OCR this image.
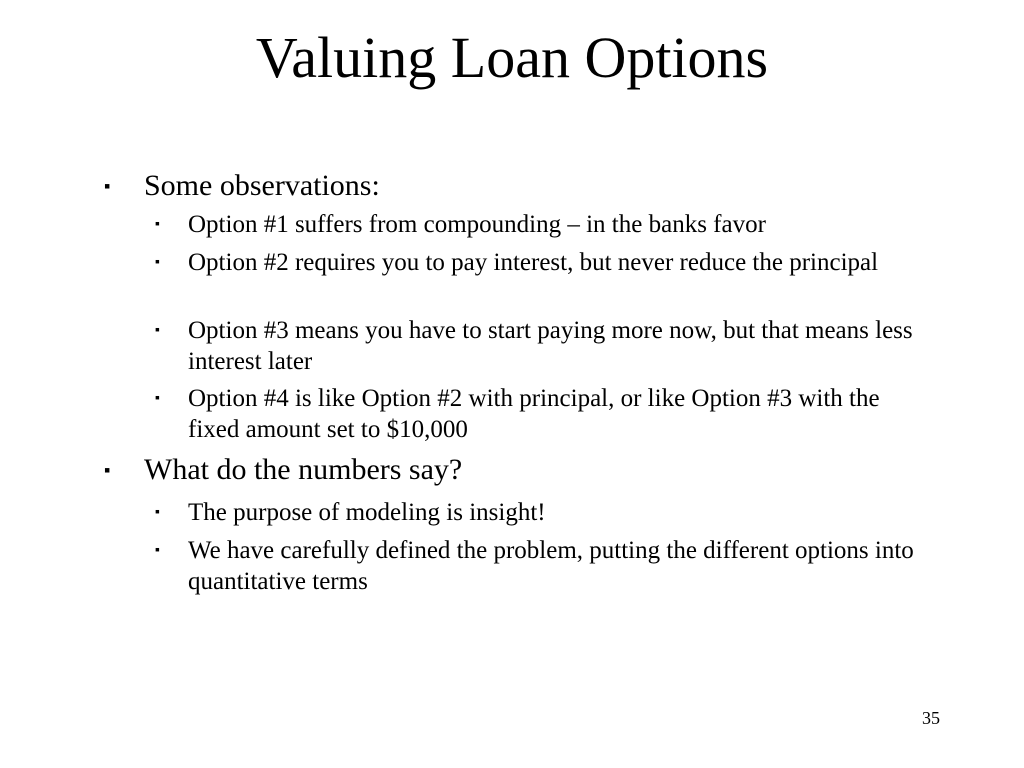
Valuing Loan Options
▪	Some observations:
▪	Option #1 suffers from compounding – in the banks favor
▪	Option #2 requires you to pay interest, but never reduce the principal
▪	Option #3 means you have to start paying more now, but that means less interest later
▪	Option #4 is like Option #2 with principal, or like Option #3 with the fixed amount set to $10,000
▪	What do the numbers say?
▪	The purpose of modeling is insight!
▪	We have carefully defined the problem, putting the different options into quantitative terms
35
